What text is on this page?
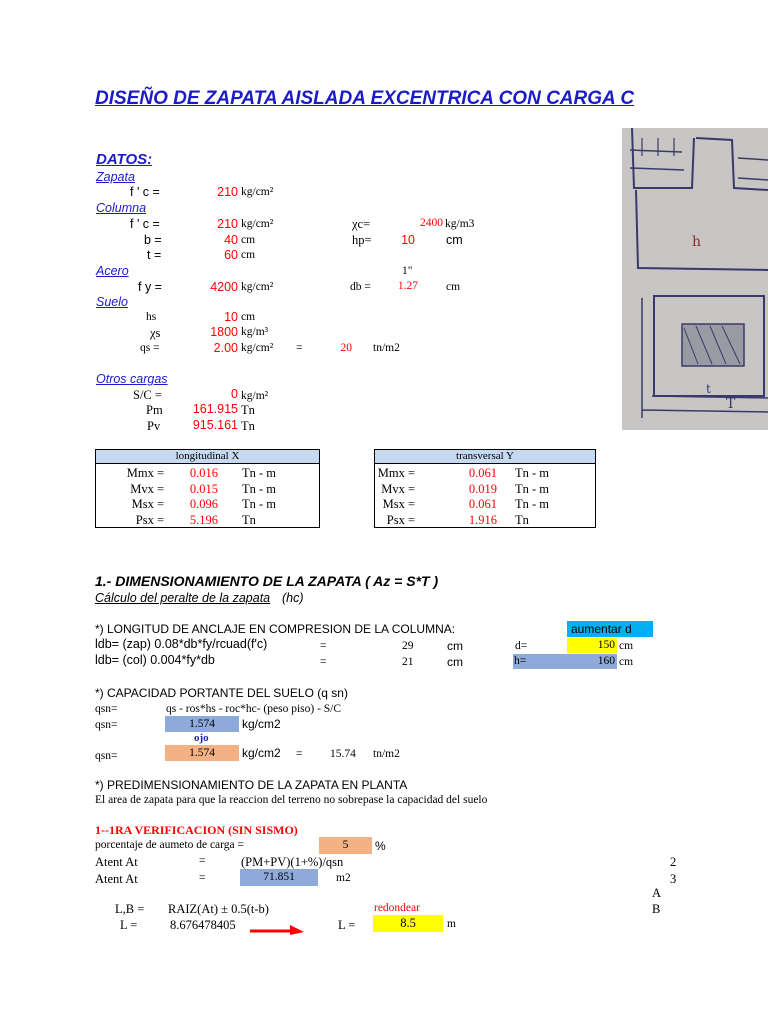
DISEÑO DE ZAPATA AISLADA EXCENTRICA CON CARGA C
DATOS:
Zapata
f ' c =	210 kg/cm²
Columna
f ' c =	210 kg/cm²	χc=	2400 kg/m3
b =	40 cm	hp=	10 cm
t =	60 cm
Acero	1"
f y =	4200 kg/cm²	db =	1.27 cm
Suelo
hs	10 cm
χs	1800 kg/m³
qs =	2.00 kg/cm² =	20 tn/m2
Otros cargas
S/C =	0 kg/m²
Pm	161.915 Tn
Pv	915.161 Tn
h
t
T
longitudinal X
Mmx =	0.016 Tn - m
Mvx =	0.015 Tn - m
Msx =	0.096 Tn - m
Psx =	5.196 Tn
transversal Y
Mmx =	0.061 Tn - m
Mvx =	0.019 Tn - m
Msx =	0.061 Tn - m
Psx =	1.916 Tn
1.- DIMENSIONAMIENTO DE LA ZAPATA ( Az = S*T )
Cálculo del peralte de la zapata (hc)
*) LONGITUD DE ANCLAJE EN COMPRESION DE LA COLUMNA:	aumentar d
ldb= (zap) 0.08*db*fy/rcuad(f'c)	=	29	cm	d=	150 cm
ldb= (col) 0.004*fy*db	=	21	cm	h=	160 cm
*) CAPACIDAD PORTANTE DEL SUELO (q sn)
qsn=	qs - ros*hs - roc*hc- (peso piso) - S/C
qsn=	1.574	kg/cm2
ojo
qsn=	1.574	kg/cm2 = 15.74 tn/m2
*) PREDIMENSIONAMIENTO DE LA ZAPATA EN PLANTA
El area de zapata para que la reaccion del terreno no sobrepase la capacidad del suelo
1--1RA VERIFICACION (SIN SISMO)
porcentaje de aumeto de carga =	5	%
Atent At	=	(PM+PV)(1+%)/qsn	2
Atent At	=	71.851	m2	3
A
L,B = RAIZ(At) ± 0.5(t-b)	redondear	B
L =	8.676478405	L =	8.5	m
